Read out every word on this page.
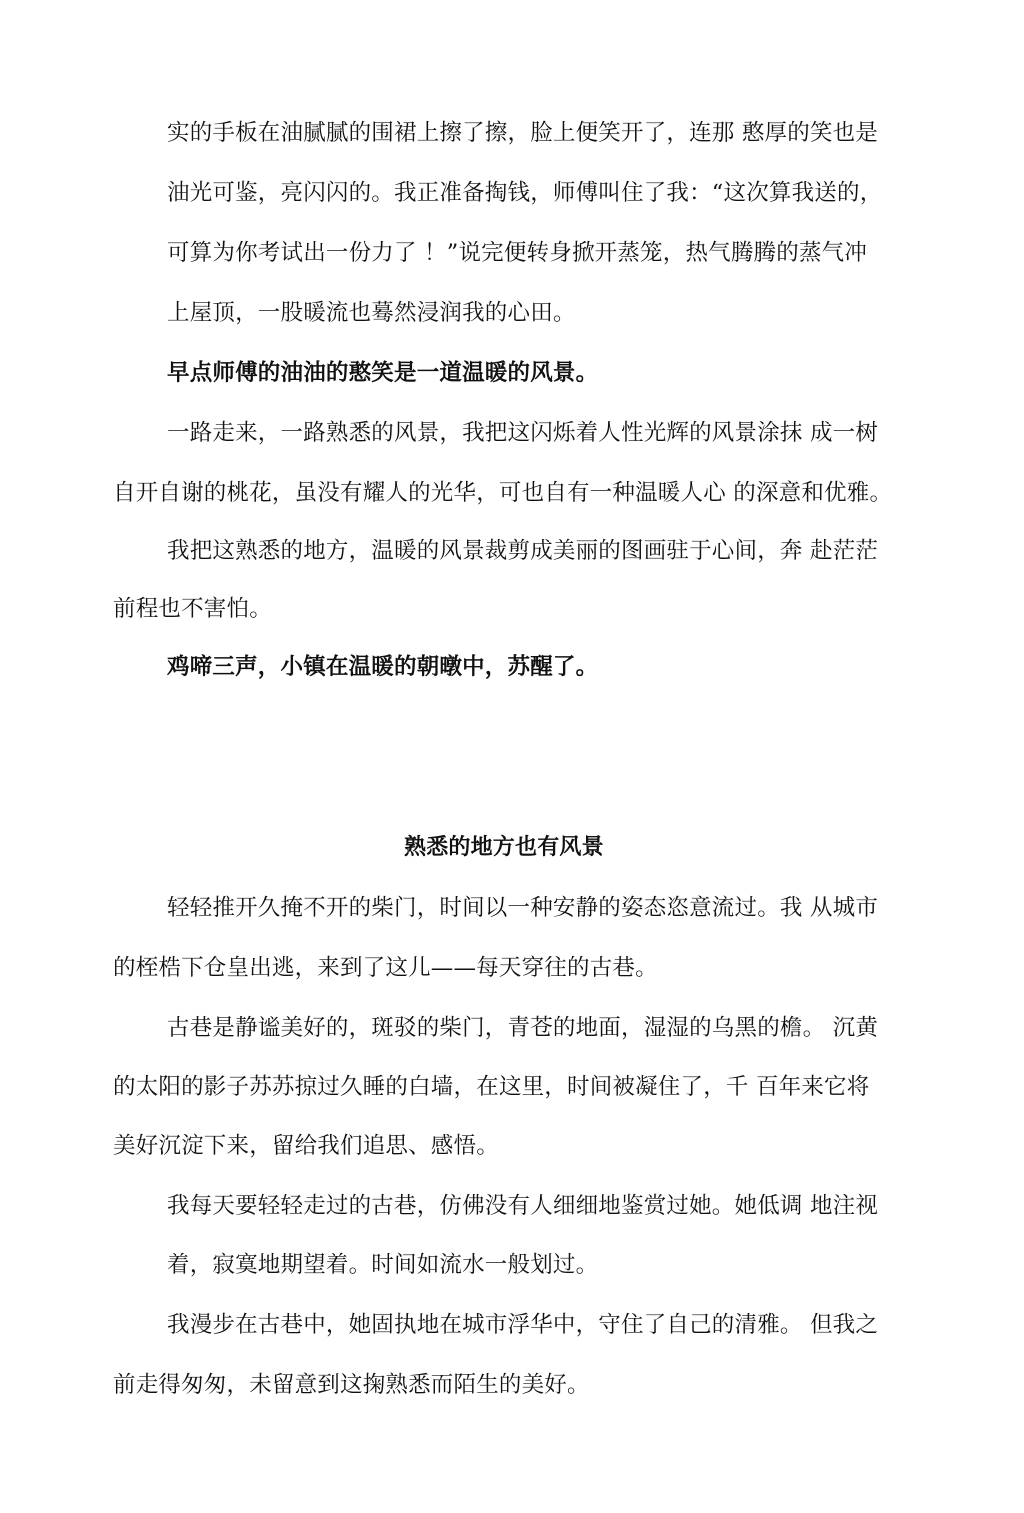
实的手板在油腻腻的围裙上擦了擦，脸上便笑开了，连那 憨厚的笑也是
油光可鉴，亮闪闪的。我正准备掏钱，师傅叫住了我：“这次算我送的，
可算为你考试出一份力了 ！”说完便转身掀开蒸笼，热气腾腾的蒸气冲
上屋顶，一股暖流也蓦然浸润我的心田。
早点师傅的油油的憨笑是一道温暖的风景。
一路走来，一路熟悉的风景，我把这闪烁着人性光辉的风景涂抹 成一树
自开自谢的桃花，虽没有耀人的光华，可也自有一种温暖人心 的深意和优雅。
我把这熟悉的地方，温暖的风景裁剪成美丽的图画驻于心间，奔 赴茫茫
前程也不害怕。
鸡啼三声，小镇在温暖的朝暾中，苏醒了。
熟悉的地方也有风景
轻轻推开久掩不开的柴门，时间以一种安静的姿态恣意流过。我 从城市
的桎梏下仓皇出逃，来到了这儿——每天穿往的古巷。
古巷是静谧美好的，斑驳的柴门，青苍的地面，湿湿的乌黑的檐。 沉黄
的太阳的影子苏苏掠过久睡的白墙，在这里，时间被凝住了，千 百年来它将
美好沉淀下来，留给我们追思、感悟。
我每天要轻轻走过的古巷，仿佛没有人细细地鉴赏过她。她低调 地注视
着，寂寞地期望着。时间如流水一般划过。
我漫步在古巷中，她固执地在城市浮华中，守住了自己的清雅。 但我之
前走得匆匆，未留意到这掬熟悉而陌生的美好。
